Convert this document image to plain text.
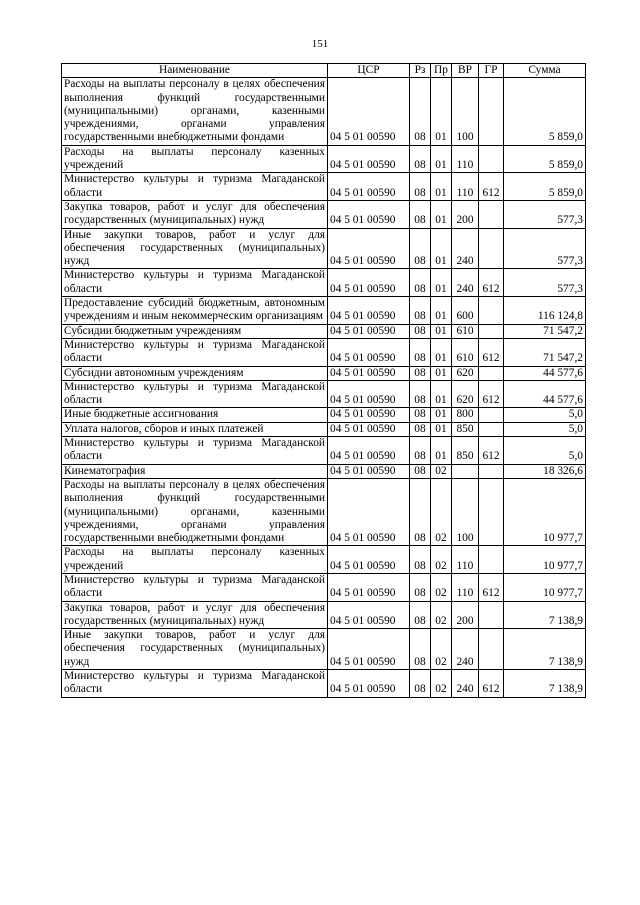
151
Наименование	ЦСР	Рз	Пр	ВР	ГР	Сумма
Расходы на выплаты персоналу в целях обеспечения выполнения функций государственными (муниципальными) органами, казенными учреждениями, органами управления государственными внебюджетными фондами	04 5 01 00590	08	01	100		5 859,0
Расходы на выплаты персоналу казенных учреждений	04 5 01 00590	08	01	110		5 859,0
Министерство культуры и туризма Магаданской области	04 5 01 00590	08	01	110	612	5 859,0
Закупка товаров, работ и услуг для обеспечения государственных (муниципальных) нужд	04 5 01 00590	08	01	200		577,3
Иные закупки товаров, работ и услуг для обеспечения государственных (муниципальных) нужд	04 5 01 00590	08	01	240		577,3
Министерство культуры и туризма Магаданской области	04 5 01 00590	08	01	240	612	577,3
Предоставление субсидий бюджетным, автономным учреждениям и иным некоммерческим организациям	04 5 01 00590	08	01	600		116 124,8
Субсидии бюджетным учреждениям	04 5 01 00590	08	01	610		71 547,2
Министерство культуры и туризма Магаданской области	04 5 01 00590	08	01	610	612	71 547,2
Субсидии автономным учреждениям	04 5 01 00590	08	01	620		44 577,6
Министерство культуры и туризма Магаданской области	04 5 01 00590	08	01	620	612	44 577,6
Иные бюджетные ассигнования	04 5 01 00590	08	01	800		5,0
Уплата налогов, сборов и иных платежей	04 5 01 00590	08	01	850		5,0
Министерство культуры и туризма Магаданской области	04 5 01 00590	08	01	850	612	5,0
Кинематография	04 5 01 00590	08	02			18 326,6
Расходы на выплаты персоналу в целях обеспечения выполнения функций государственными (муниципальными) органами, казенными учреждениями, органами управления государственными внебюджетными фондами	04 5 01 00590	08	02	100		10 977,7
Расходы на выплаты персоналу казенных учреждений	04 5 01 00590	08	02	110		10 977,7
Министерство культуры и туризма Магаданской области	04 5 01 00590	08	02	110	612	10 977,7
Закупка товаров, работ и услуг для обеспечения государственных (муниципальных) нужд	04 5 01 00590	08	02	200		7 138,9
Иные закупки товаров, работ и услуг для обеспечения государственных (муниципальных) нужд	04 5 01 00590	08	02	240		7 138,9
Министерство культуры и туризма Магаданской области	04 5 01 00590	08	02	240	612	7 138,9
